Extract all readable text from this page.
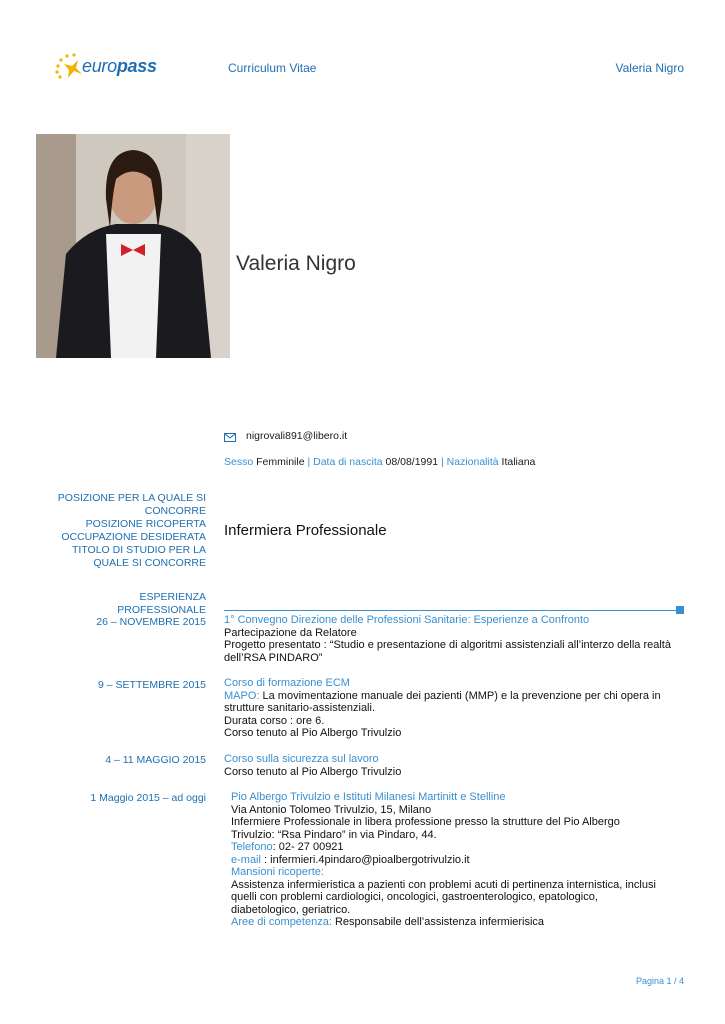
europass	Curriculum Vitae	Valeria Nigro
Valeria Nigro
nigrovali891@libero.it
Sesso Femminile | Data di nascita 08/08/1991 | Nazionalità Italiana
POSIZIONE PER LA QUALE SI
CONCORRE
POSIZIONE RICOPERTA
OCCUPAZIONE DESIDERATA
TITOLO DI STUDIO PER LA
QUALE SI CONCORRE
Infermiera Professionale
ESPERIENZA
PROFESSIONALE
26 – NOVEMBRE 2015 1° Convegno Direzione delle Professioni Sanitarie: Esperienze a Confronto
Partecipazione da Relatore
Progetto presentato : “Studio e presentazione di algoritmi assistenziali all’interzo della realtà
dell’RSA PINDARO”
9 – SETTEMBRE 2015 Corso di formazione ECM
MAPO: La movimentazione manuale dei pazienti (MMP) e la prevenzione per chi opera in
strutture sanitario-assistenziali.
Durata corso : ore 6.
Corso tenuto al Pio Albergo Trivulzio
4 – 11 MAGGIO 2015 Corso sulla sicurezza sul lavoro
Corso tenuto al Pio Albergo Trivulzio
1 Maggio 2015 – ad oggi Pio Albergo Trivulzio e Istituti Milanesi Martinitt e Stelline
Via Antonio Tolomeo Trivulzio, 15, Milano
Infermiere Professionale in libera professione presso la strutture del Pio Albergo
Trivulzio: “Rsa Pindaro” in via Pindaro, 44.
Telefono: 02- 27 00921
e-mail : infermieri.4pindaro@pioalbergotrivulzio.it
Mansioni ricoperte:
Assistenza infermieristica a pazienti con problemi acuti di pertinenza internistica, inclusi
quelli con problemi cardiologici, oncologici, gastroenterologico, epatologico,
diabetologico, geriatrico.
Aree di competenza: Responsabile dell’assistenza infermierisica
Pagina 1 / 4
